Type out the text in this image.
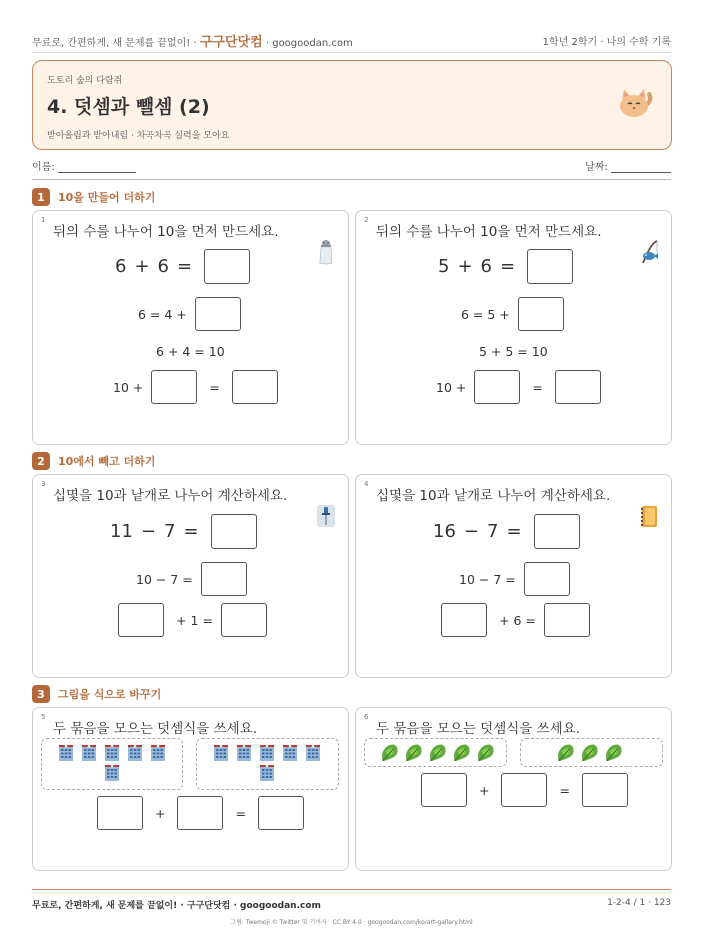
무료로, 간편하게, 새 문제를 끝없이! · 구구단닷컴 · googoodan.com	1학년 2학기 · 나의 수학 기록
도토리 숲의 다람쥐
4. 덧셈과 뺄셈 (2)
받아올림과 받아내림 · 차곡차곡 실력을 모아요
이름:	날짜:
1	10을 만들어 더하기
1
뒤의 수를 나누어 10을 먼저 만드세요.
6 + 6 =
6 = 4 +
6 + 4 = 10
10 +	=
2
뒤의 수를 나누어 10을 먼저 만드세요.
5 + 6 =
6 = 5 +
5 + 5 = 10
10 +	=
2	10에서 빼고 더하기
3
십몇을 10과 낱개로 나누어 계산하세요.
11 − 7 =
10 − 7 =
+ 1 =
4
십몇을 10과 낱개로 나누어 계산하세요.
16 − 7 =
10 − 7 =
+ 6 =
3	그림을 식으로 바꾸기
5
두 묶음을 모으는 덧셈식을 쓰세요.

+	=
6
두 묶음을 모으는 덧셈식을 쓰세요.
+	=
무료로, 간편하게, 새 문제를 끝없이! · 구구단닷컴 · googoodan.com	1-2-4 / 1 · 123
그림: Twemoji © Twitter 및 기여자 · CC BY 4.0 · googoodan.com/ko/art-gallery.html
